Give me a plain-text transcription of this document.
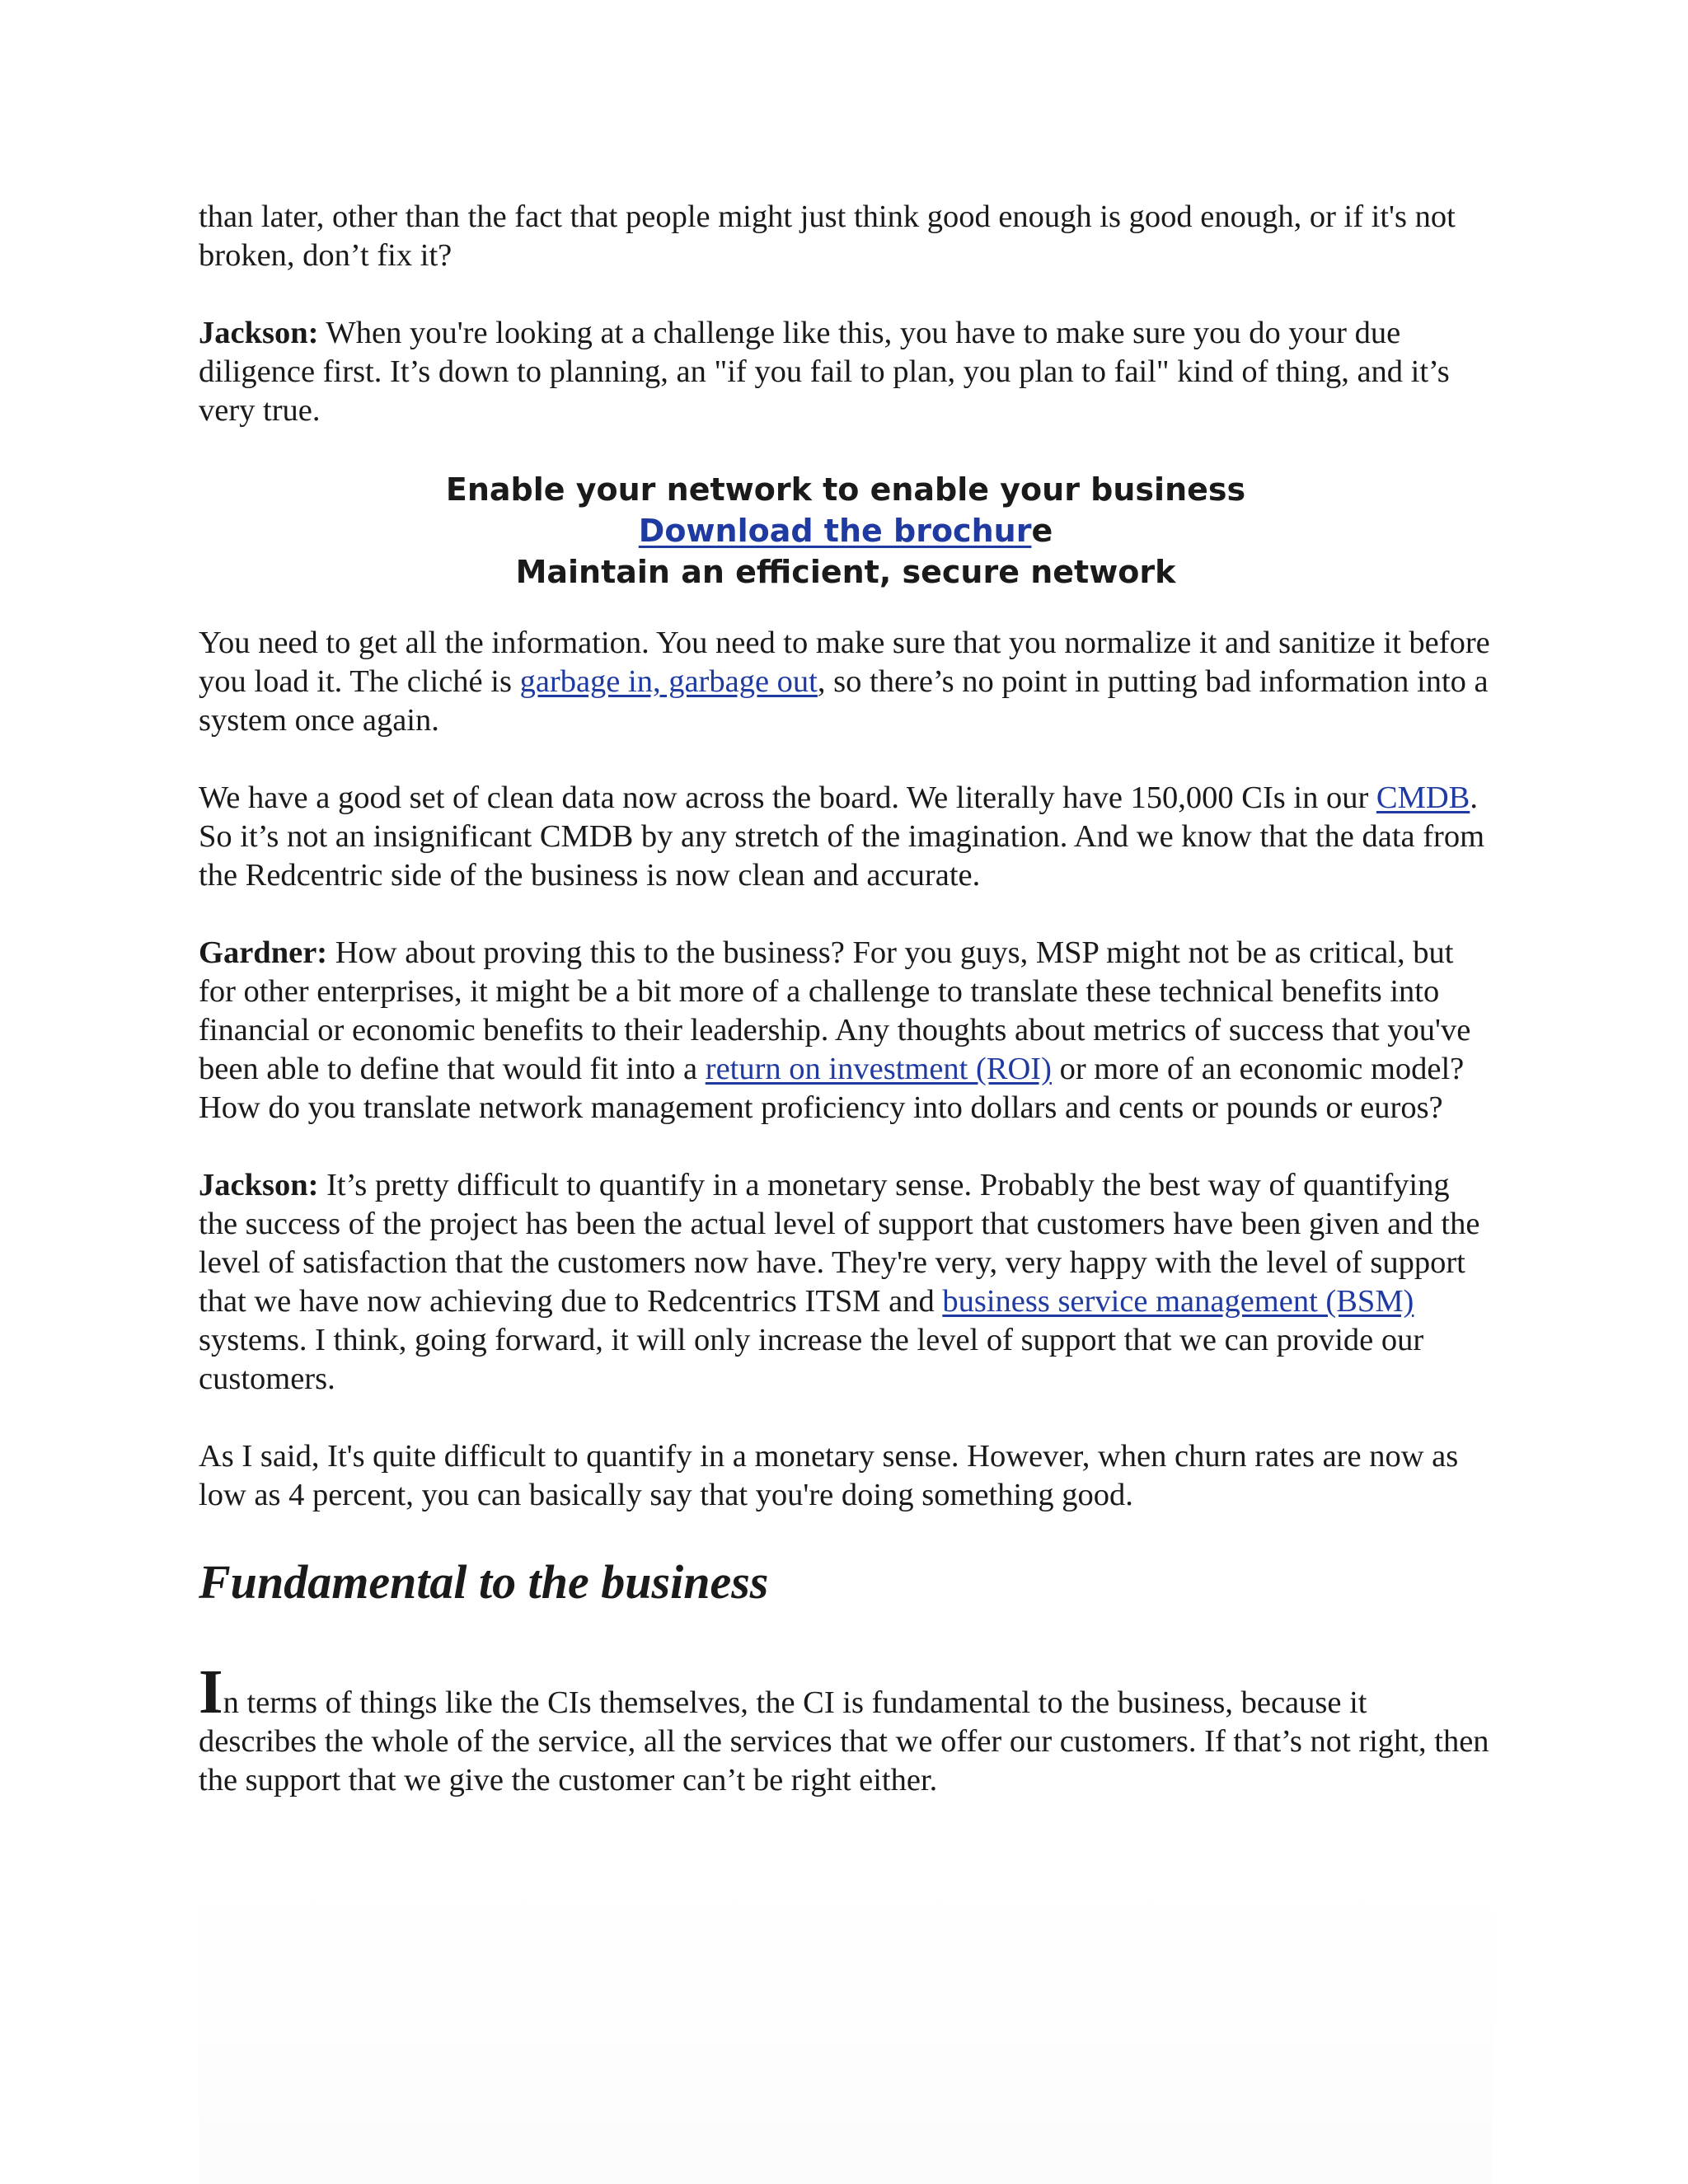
than later, other than the fact that people might just think good enough is good enough, or if it's not broken, don’t fix it?

Jackson: When you're looking at a challenge like this, you have to make sure you do your due diligence first. It’s down to planning, an "if you fail to plan, you plan to fail" kind of thing, and it’s very true.

Enable your network to enable your business
Download the brochure
Maintain an efficient, secure network

You need to get all the information. You need to make sure that you normalize it and sanitize it before you load it. The cliché is garbage in, garbage out, so there’s no point in putting bad information into a system once again.

We have a good set of clean data now across the board. We literally have 150,000 CIs in our CMDB. So it’s not an insignificant CMDB by any stretch of the imagination. And we know that the data from the Redcentric side of the business is now clean and accurate.

Gardner: How about proving this to the business? For you guys, MSP might not be as critical, but for other enterprises, it might be a bit more of a challenge to translate these technical benefits into financial or economic benefits to their leadership. Any thoughts about metrics of success that you've been able to define that would fit into a return on investment (ROI) or more of an economic model? How do you translate network management proficiency into dollars and cents or pounds or euros?

Jackson: It’s pretty difficult to quantify in a monetary sense. Probably the best way of quantifying the success of the project has been the actual level of support that customers have been given and the level of satisfaction that the customers now have. They're very, very happy with the level of support that we have now achieving due to Redcentrics ITSM and business service management (BSM) systems. I think, going forward, it will only increase the level of support that we can provide our customers.

As I said, It's quite difficult to quantify in a monetary sense. However, when churn rates are now as low as 4 percent, you can basically say that you're doing something good.

Fundamental to the business

In terms of things like the CIs themselves, the CI is fundamental to the business, because it describes the whole of the service, all the services that we offer our customers. If that’s not right, then the support that we give the customer can’t be right either.
